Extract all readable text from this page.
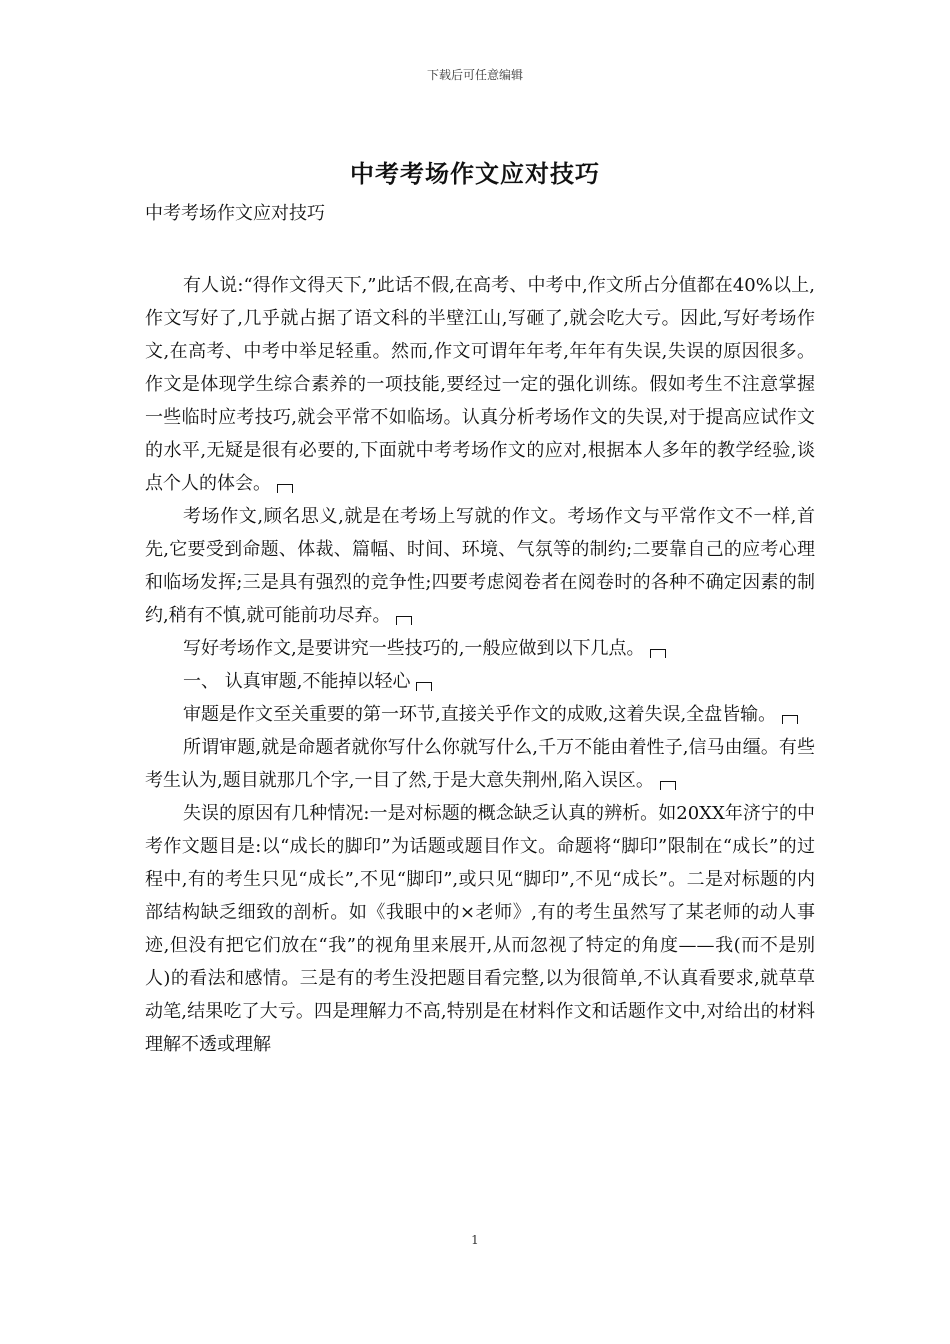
下载后可任意编辑
中考考场作文应对技巧
中考考场作文应对技巧

有人说:“得作文得天下,”此话不假,在高考、中考中,作文所占分值都在40%以上,作文写好了,几乎就占据了语文科的半壁江山,写砸了,就会吃大亏。因此,写好考场作文,在高考、中考中举足轻重。然而,作文可谓年年考,年年有失误,失误的原因很多。作文是体现学生综合素养的一项技能,要经过一定的强化训练。假如考生不注意掌握一些临时应考技巧,就会平常不如临场。认真分析考场作文的失误,对于提高应试作文的水平,无疑是很有必要的,下面就中考考场作文的应对,根据本人多年的教学经验,谈点个人的体会。

考场作文,顾名思义,就是在考场上写就的作文。考场作文与平常作文不一样,首先,它要受到命题、体裁、篇幅、时间、环境、气氛等的制约;二要靠自己的应考心理和临场发挥;三是具有强烈的竞争性;四要考虑阅卷者在阅卷时的各种不确定因素的制约,稍有不慎,就可能前功尽弃。

写好考场作文,是要讲究一些技巧的,一般应做到以下几点。

一、 认真审题,不能掉以轻心

审题是作文至关重要的第一环节,直接关乎作文的成败,这着失误,全盘皆输。

所谓审题,就是命题者就你写什么你就写什么,千万不能由着性子,信马由缰。有些考生认为,题目就那几个字,一目了然,于是大意失荆州,陷入误区。

失误的原因有几种情况:一是对标题的概念缺乏认真的辨析。如20XX年济宁的中考作文题目是:以“成长的脚印”为话题或题目作文。命题将“脚印”限制在“成长”的过程中,有的考生只见“成长”,不见“脚印”,或只见“脚印”,不见“成长”。二是对标题的内部结构缺乏细致的剖析。如《我眼中的×老师》,有的考生虽然写了某老师的动人事迹,但没有把它们放在“我”的视角里来展开,从而忽视了特定的角度——我(而不是别人)的看法和感情。三是有的考生没把题目看完整,以为很简单,不认真看要求,就草草动笔,结果吃了大亏。四是理解力不高,特别是在材料作文和话题作文中,对给出的材料理解不透或理解

1
